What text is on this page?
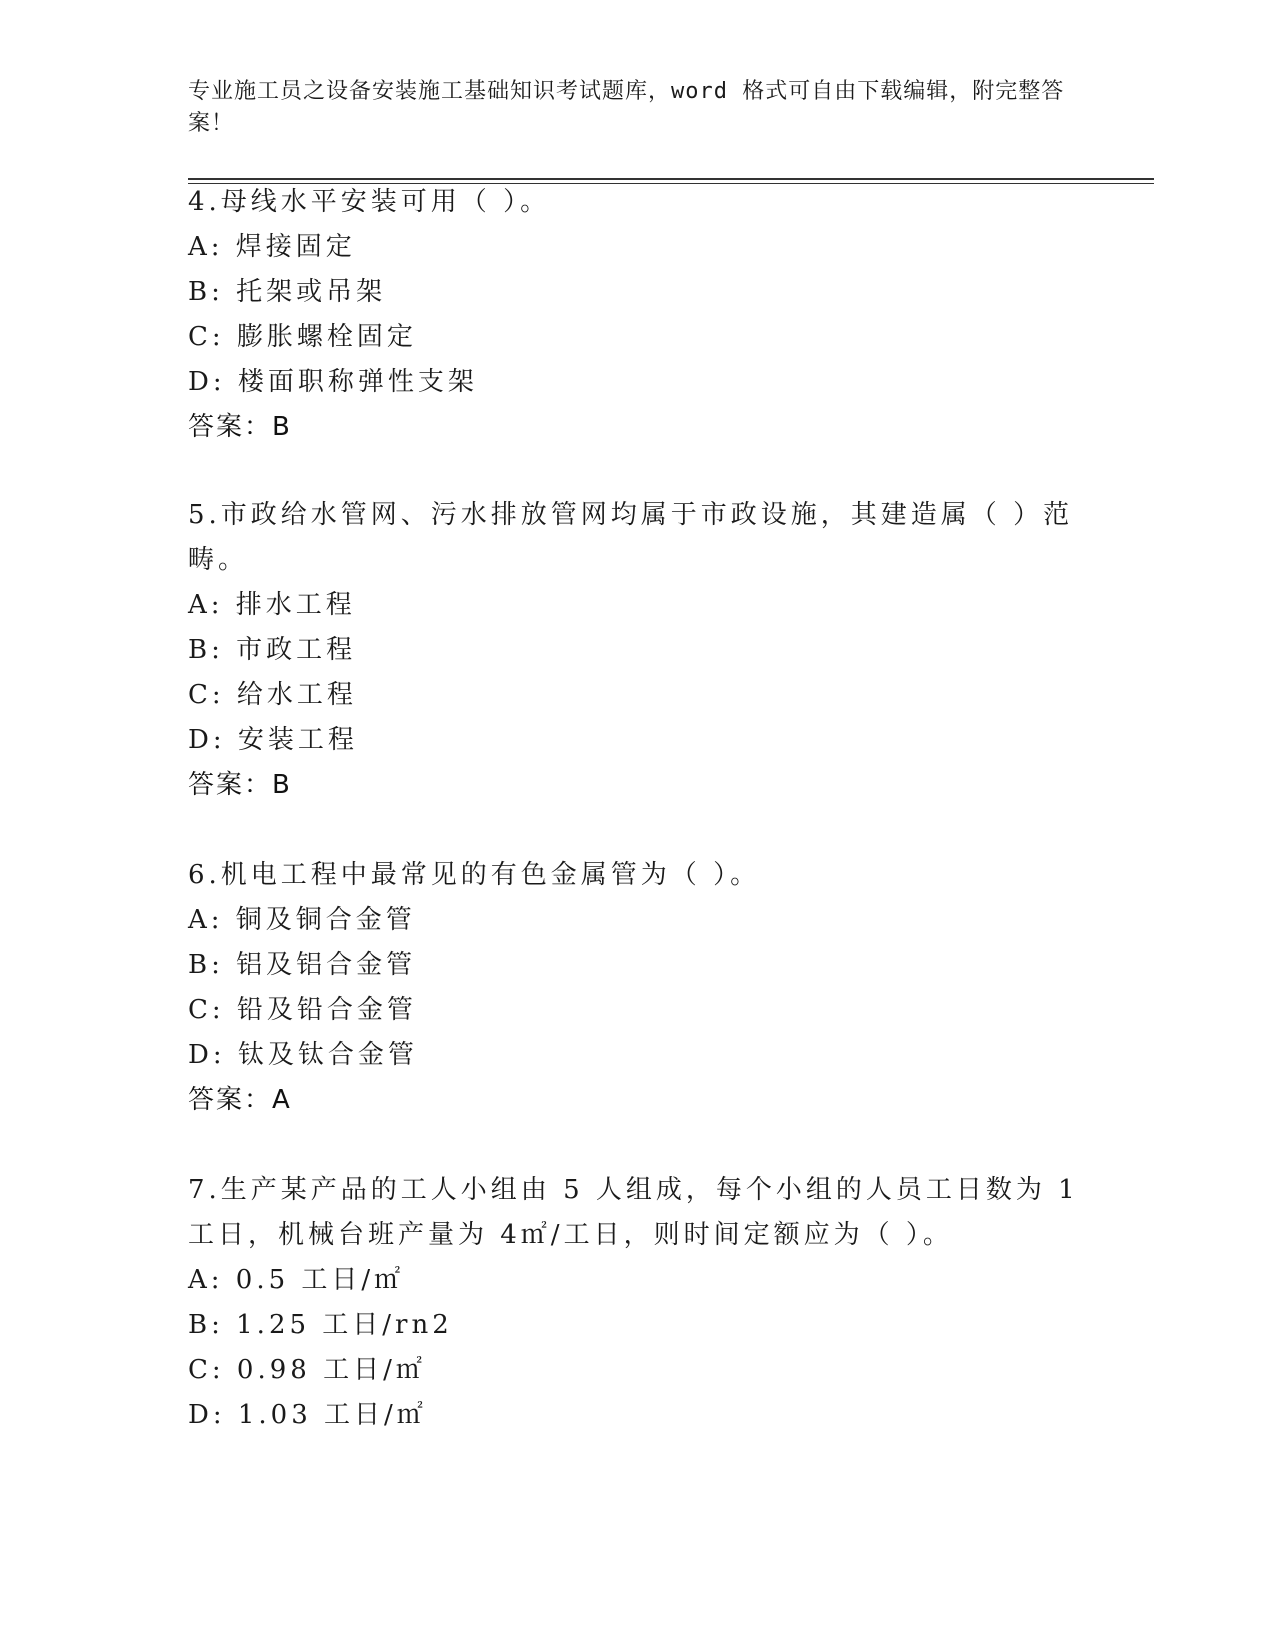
专业施工员之设备安装施工基础知识考试题库，word 格式可自由下载编辑，附完整答案！
4.母线水平安装可用（ ）。
A: 焊接固定
B: 托架或吊架
C: 膨胀螺栓固定
D: 楼面职称弹性支架
答案：B
5.市政给水管网、污水排放管网均属于市政设施，其建造属（ ）范畴。
A: 排水工程
B: 市政工程
C: 给水工程
D: 安装工程
答案：B
6.机电工程中最常见的有色金属管为（ ）。
A: 铜及铜合金管
B: 铝及铝合金管
C: 铅及铅合金管
D: 钛及钛合金管
答案：A
7.生产某产品的工人小组由 5 人组成，每个小组的人员工日数为 1 工日，机械台班产量为 4㎡/工日，则时间定额应为（ ）。
A: 0.5 工日/㎡
B: 1.25 工日/rn2
C: 0.98 工日/㎡
D: 1.03 工日/㎡
